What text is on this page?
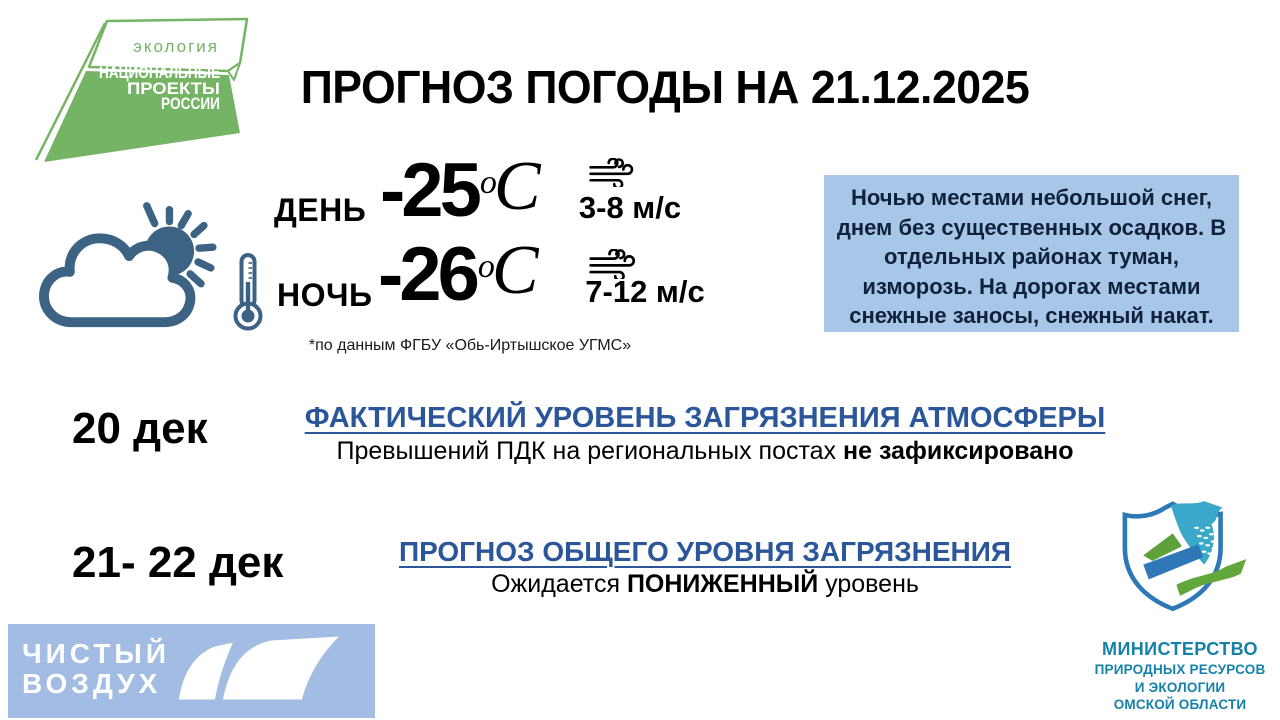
экология
НАЦИОНАЛЬНЫЕ
ПРОЕКТЫ
РОССИИ	ПРОГНОЗ ПОГОДЫ НА 21.12.2025
ДЕНЬ -25 о
С	3-8 м/с
НОЧЬ -26 о
С	7-12 м/с
*по данным ФГБУ «Обь-Иртышское УГМС»
Ночью местами небольшой снег,
днем без существенных осадков. В
отдельных районах туман,
изморозь. На дорогах местами
снежные заносы, снежный накат.
20 дек	ФАКТИЧЕСКИЙ УРОВЕНЬ ЗАГРЯЗНЕНИЯ АТМОСФЕРЫ
Превышений ПДК на региональных постах не зафиксировано
21- 22 дек	ПРОГНОЗ ОБЩЕГО УРОВНЯ ЗАГРЯЗНЕНИЯ
Ожидается ПОНИЖЕННЫЙ уровень
ЧИСТЫЙ
ВОЗДУХ
МИНИСТЕРСТВО
ПРИРОДНЫХ РЕСУРСОВ
И ЭКОЛОГИИ
ОМСКОЙ ОБЛАСТИ
